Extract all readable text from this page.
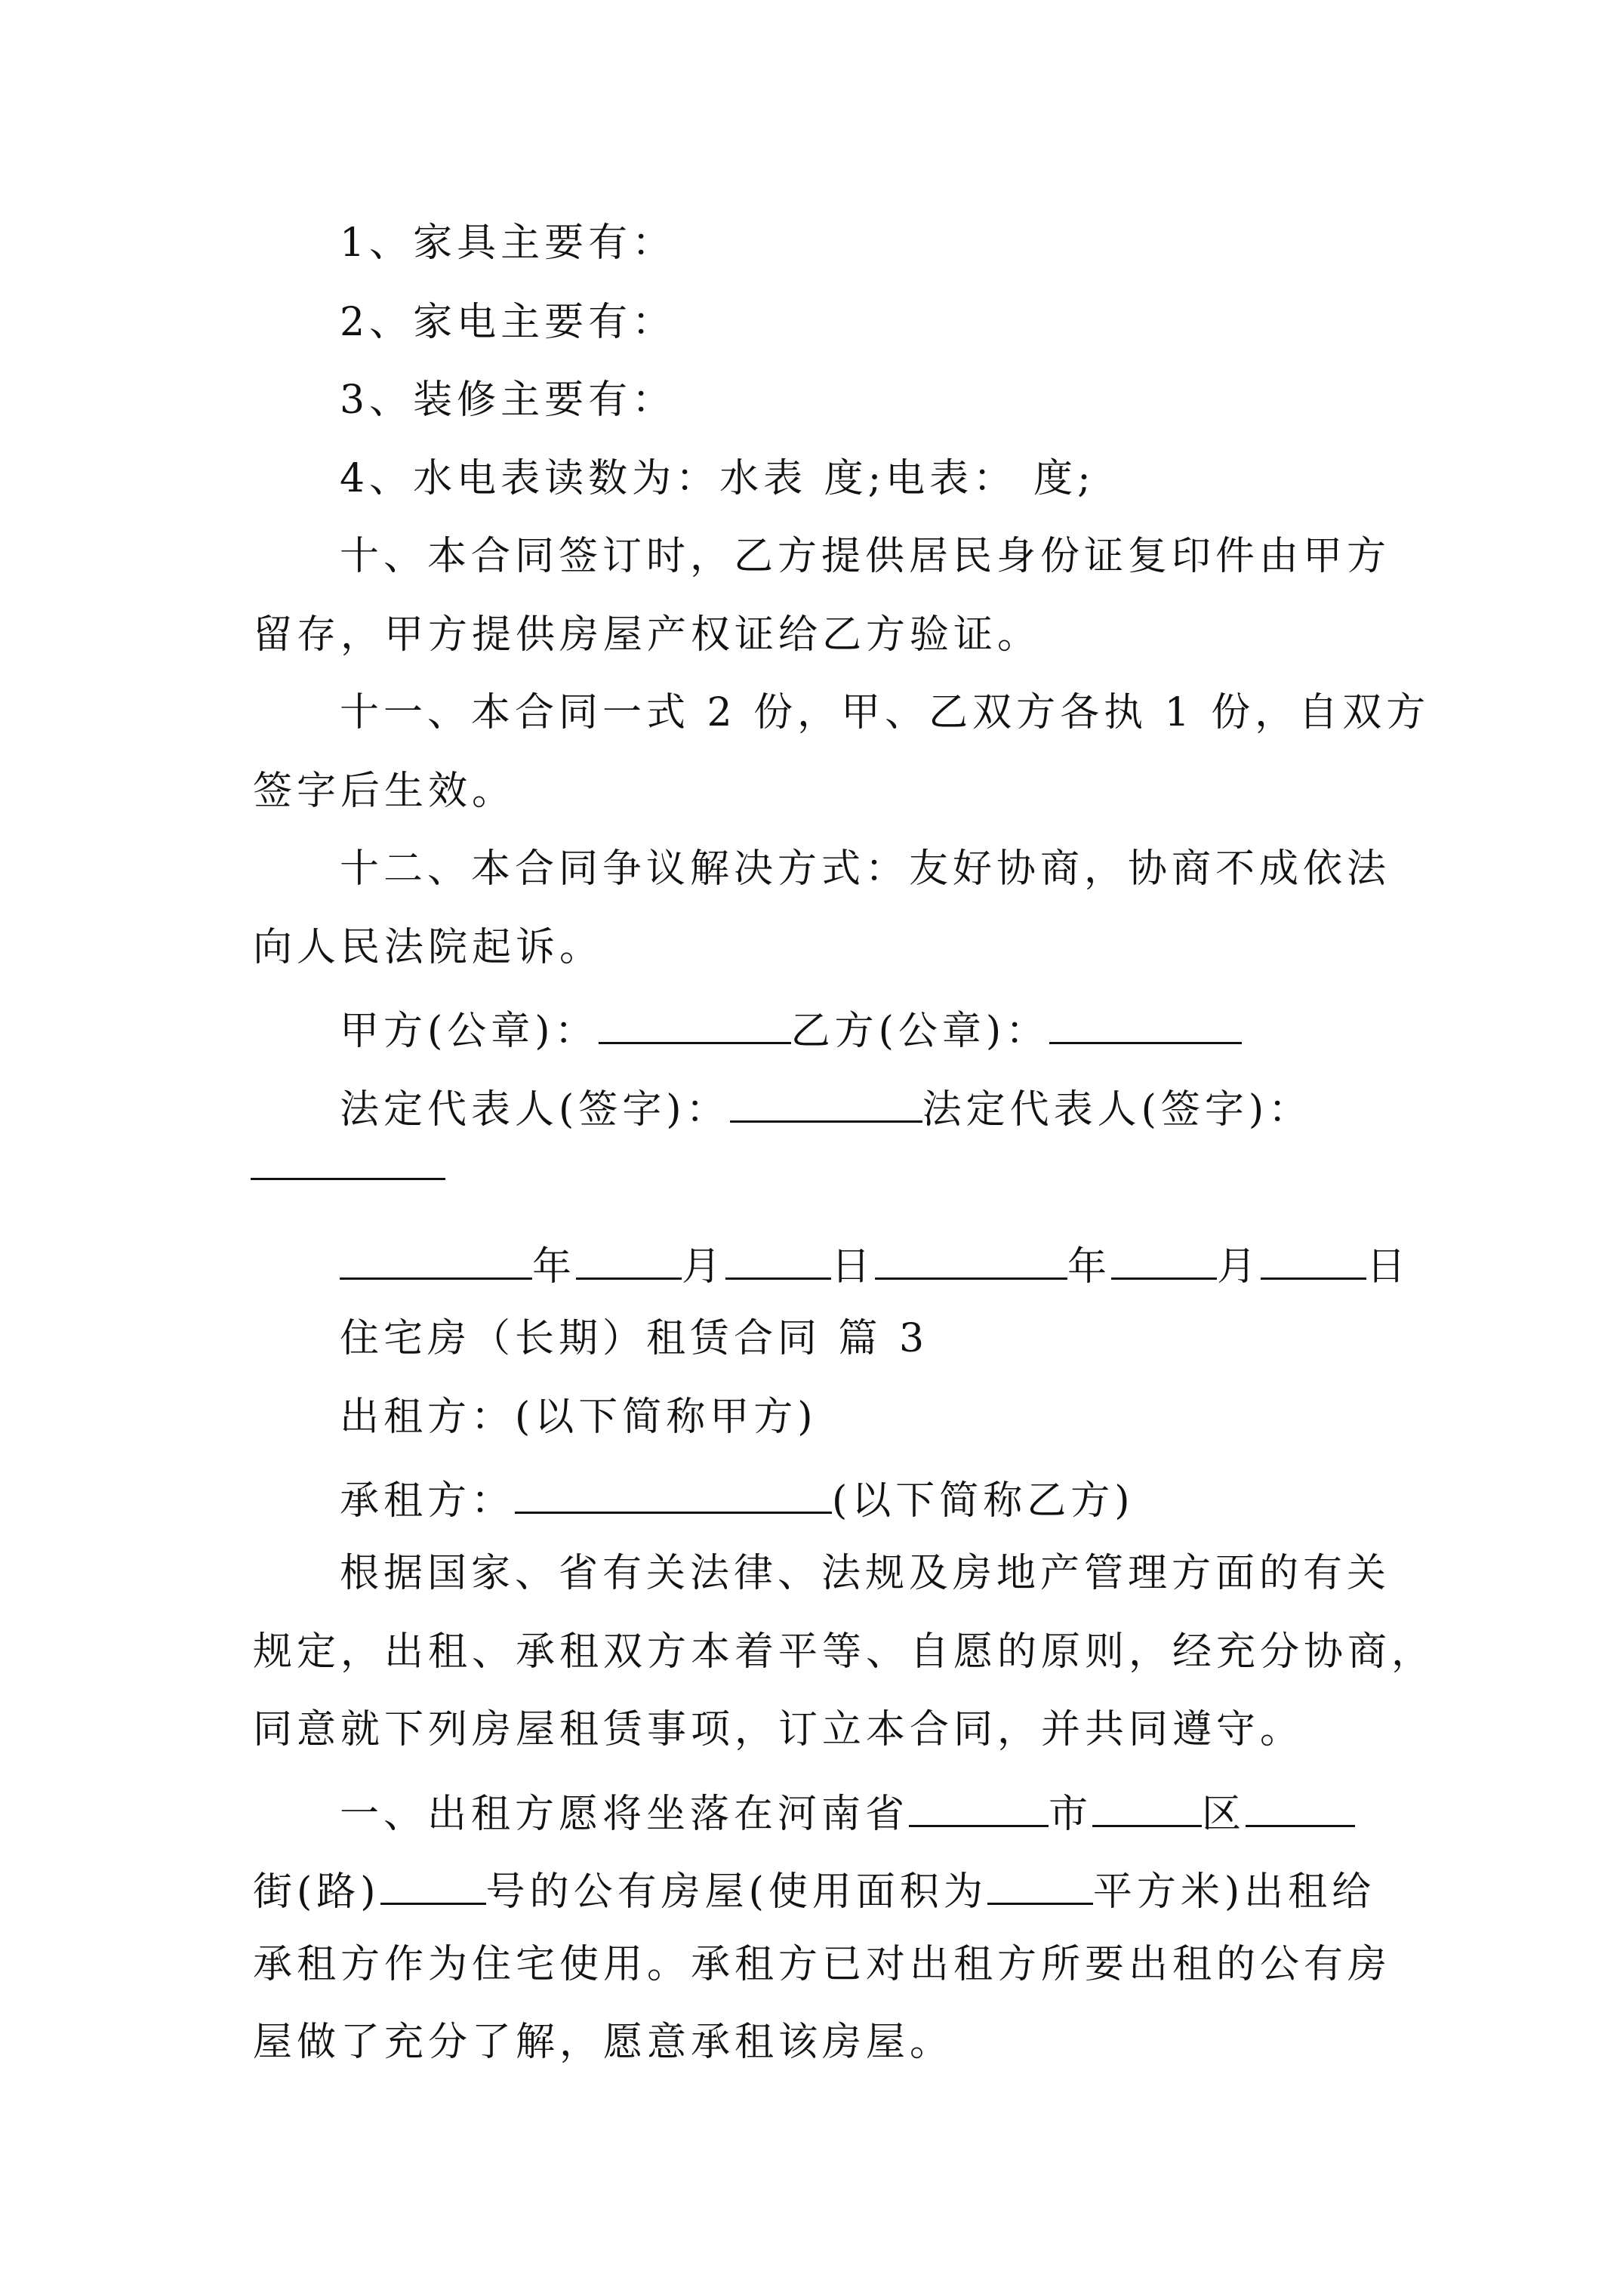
1、家具主要有：
2、家电主要有：
3、装修主要有：
4、水电表读数为：水表 度;电表： 度;
十、本合同签订时，乙方提供居民身份证复印件由甲方
留存，甲方提供房屋产权证给乙方验证。
十一、本合同一式 2 份，甲、乙双方各执 1 份，自双方
签字后生效。
十二、本合同争议解决方式：友好协商，协商不成依法
向人民法院起诉。
甲方(公章)：	乙方(公章)：
法定代表人(签字)：	法定代表人(签字)：
年	月	日	年	月	日
住宅房（长期）租赁合同 篇 3
出租方：(以下简称甲方)
承租方：	(以下简称乙方)
根据国家、省有关法律、法规及房地产管理方面的有关
规定，出租、承租双方本着平等、自愿的原则，经充分协商，
同意就下列房屋租赁事项，订立本合同，并共同遵守。
一、出租方愿将坐落在河南省	市	区
街(路)	号的公有房屋(使用面积为	平方米)出租给
承租方作为住宅使用。承租方已对出租方所要出租的公有房
屋做了充分了解，愿意承租该房屋。
